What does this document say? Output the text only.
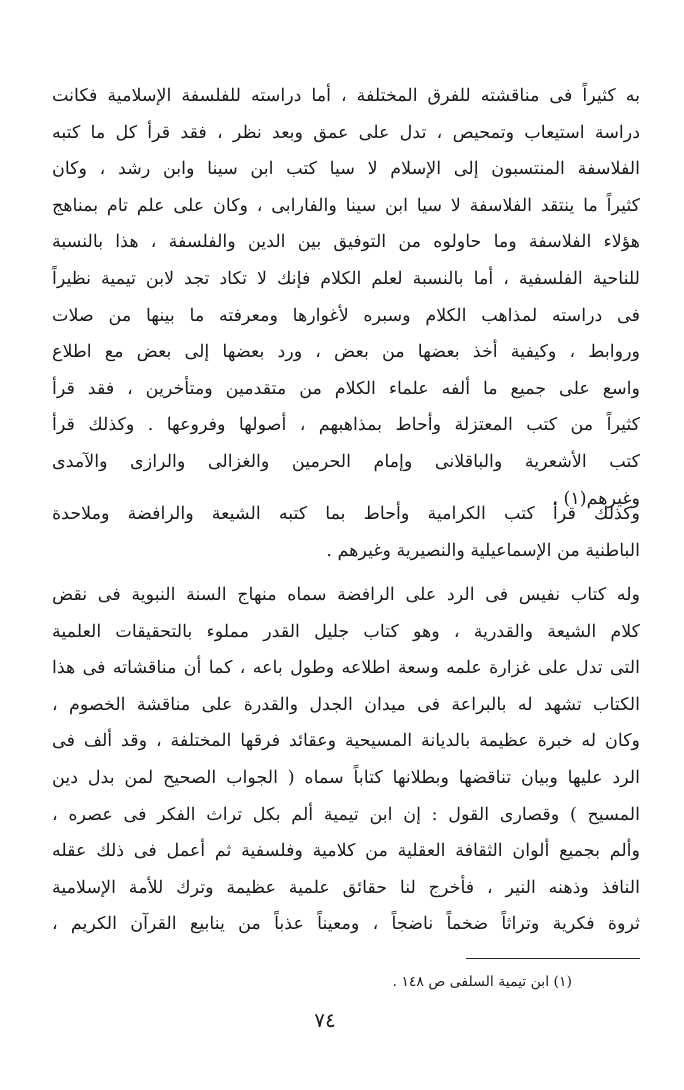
به كثيراً فى مناقشته للفرق المختلفة ، أما دراسته للفلسفة الإسلامية فكانت
دراسة استيعاب وتمحيص ، تدل على عمق وبعد نظر ، فقد قرأ كل ما كتبه
الفلاسفة المنتسبون إلى الإسلام لا سيا كتب ابن سينا وابن رشد ، وكان
كثيراً ما ينتقد الفلاسفة لا سيا ابن سينا والفارابى ، وكان على علم تام بمناهج
هؤلاء الفلاسفة وما حاولوه من التوفيق بين الدين والفلسفة ، هذا بالنسبة
للناحية الفلسفية ، أما بالنسبة لعلم الكلام فإنك لا تكاد تجد لابن تيمية نظيراً
فى دراسته لمذاهب الكلام وسبره لأغوارها ومعرفته ما بينها من صلات
وروابط ، وكيفية أخذ بعضها من بعض ، ورد بعضها إلى بعض مع اطلاع
واسع على جميع ما ألفه علماء الكلام من متقدمين ومتأخرين ، فقد قرأ
كثيراً من كتب المعتزلة وأحاط بمذاهبهم ، أصولها وفروعها . وكذلك قرأ
كتب الأشعرية والباقلانى وإمام الحرمين والغزالى والرازى والآمدى
وغيرهم(١) .
وكذلك قرأ كتب الكرامية وأحاط بما كتبه الشيعة والرافضة وملاحدة
الباطنية من الإسماعيلية والنصيرية وغيرهم .
وله كتاب نفيس فى الرد على الرافضة سماه منهاج السنة النبوية فى نقض
كلام الشيعة والقدرية ، وهو كتاب جليل القدر مملوء بالتحقيقات العلمية
التى تدل على غزارة علمه وسعة اطلاعه وطول باعه ، كما أن مناقشاته فى هذا
الكتاب تشهد له بالبراعة فى ميدان الجدل والقدرة على مناقشة الخصوم ،
وكان له خبرة عظيمة بالديانة المسيحية وعقائد فرقها المختلفة ، وقد ألف فى
الرد عليها وبيان تناقضها وبطلانها كتاباً سماه ( الجواب الصحيح لمن بدل دين
المسيح ) وقصارى القول : إن ابن تيمية ألم بكل تراث الفكر فى عصره ،
وألم بجميع ألوان الثقافة العقلية من كلامية وفلسفية ثم أعمل فى ذلك عقله
النافذ وذهنه النير ، فأخرج لنا حقائق علمية عظيمة وترك للأمة الإسلامية
ثروة فكرية وتراثاً ضخماً ناضجاً ، ومعيناً عذباً من ينابيع القرآن الكريم ،
(١) ابن تيمية السلفى ص ١٤٨ .
٧٤
